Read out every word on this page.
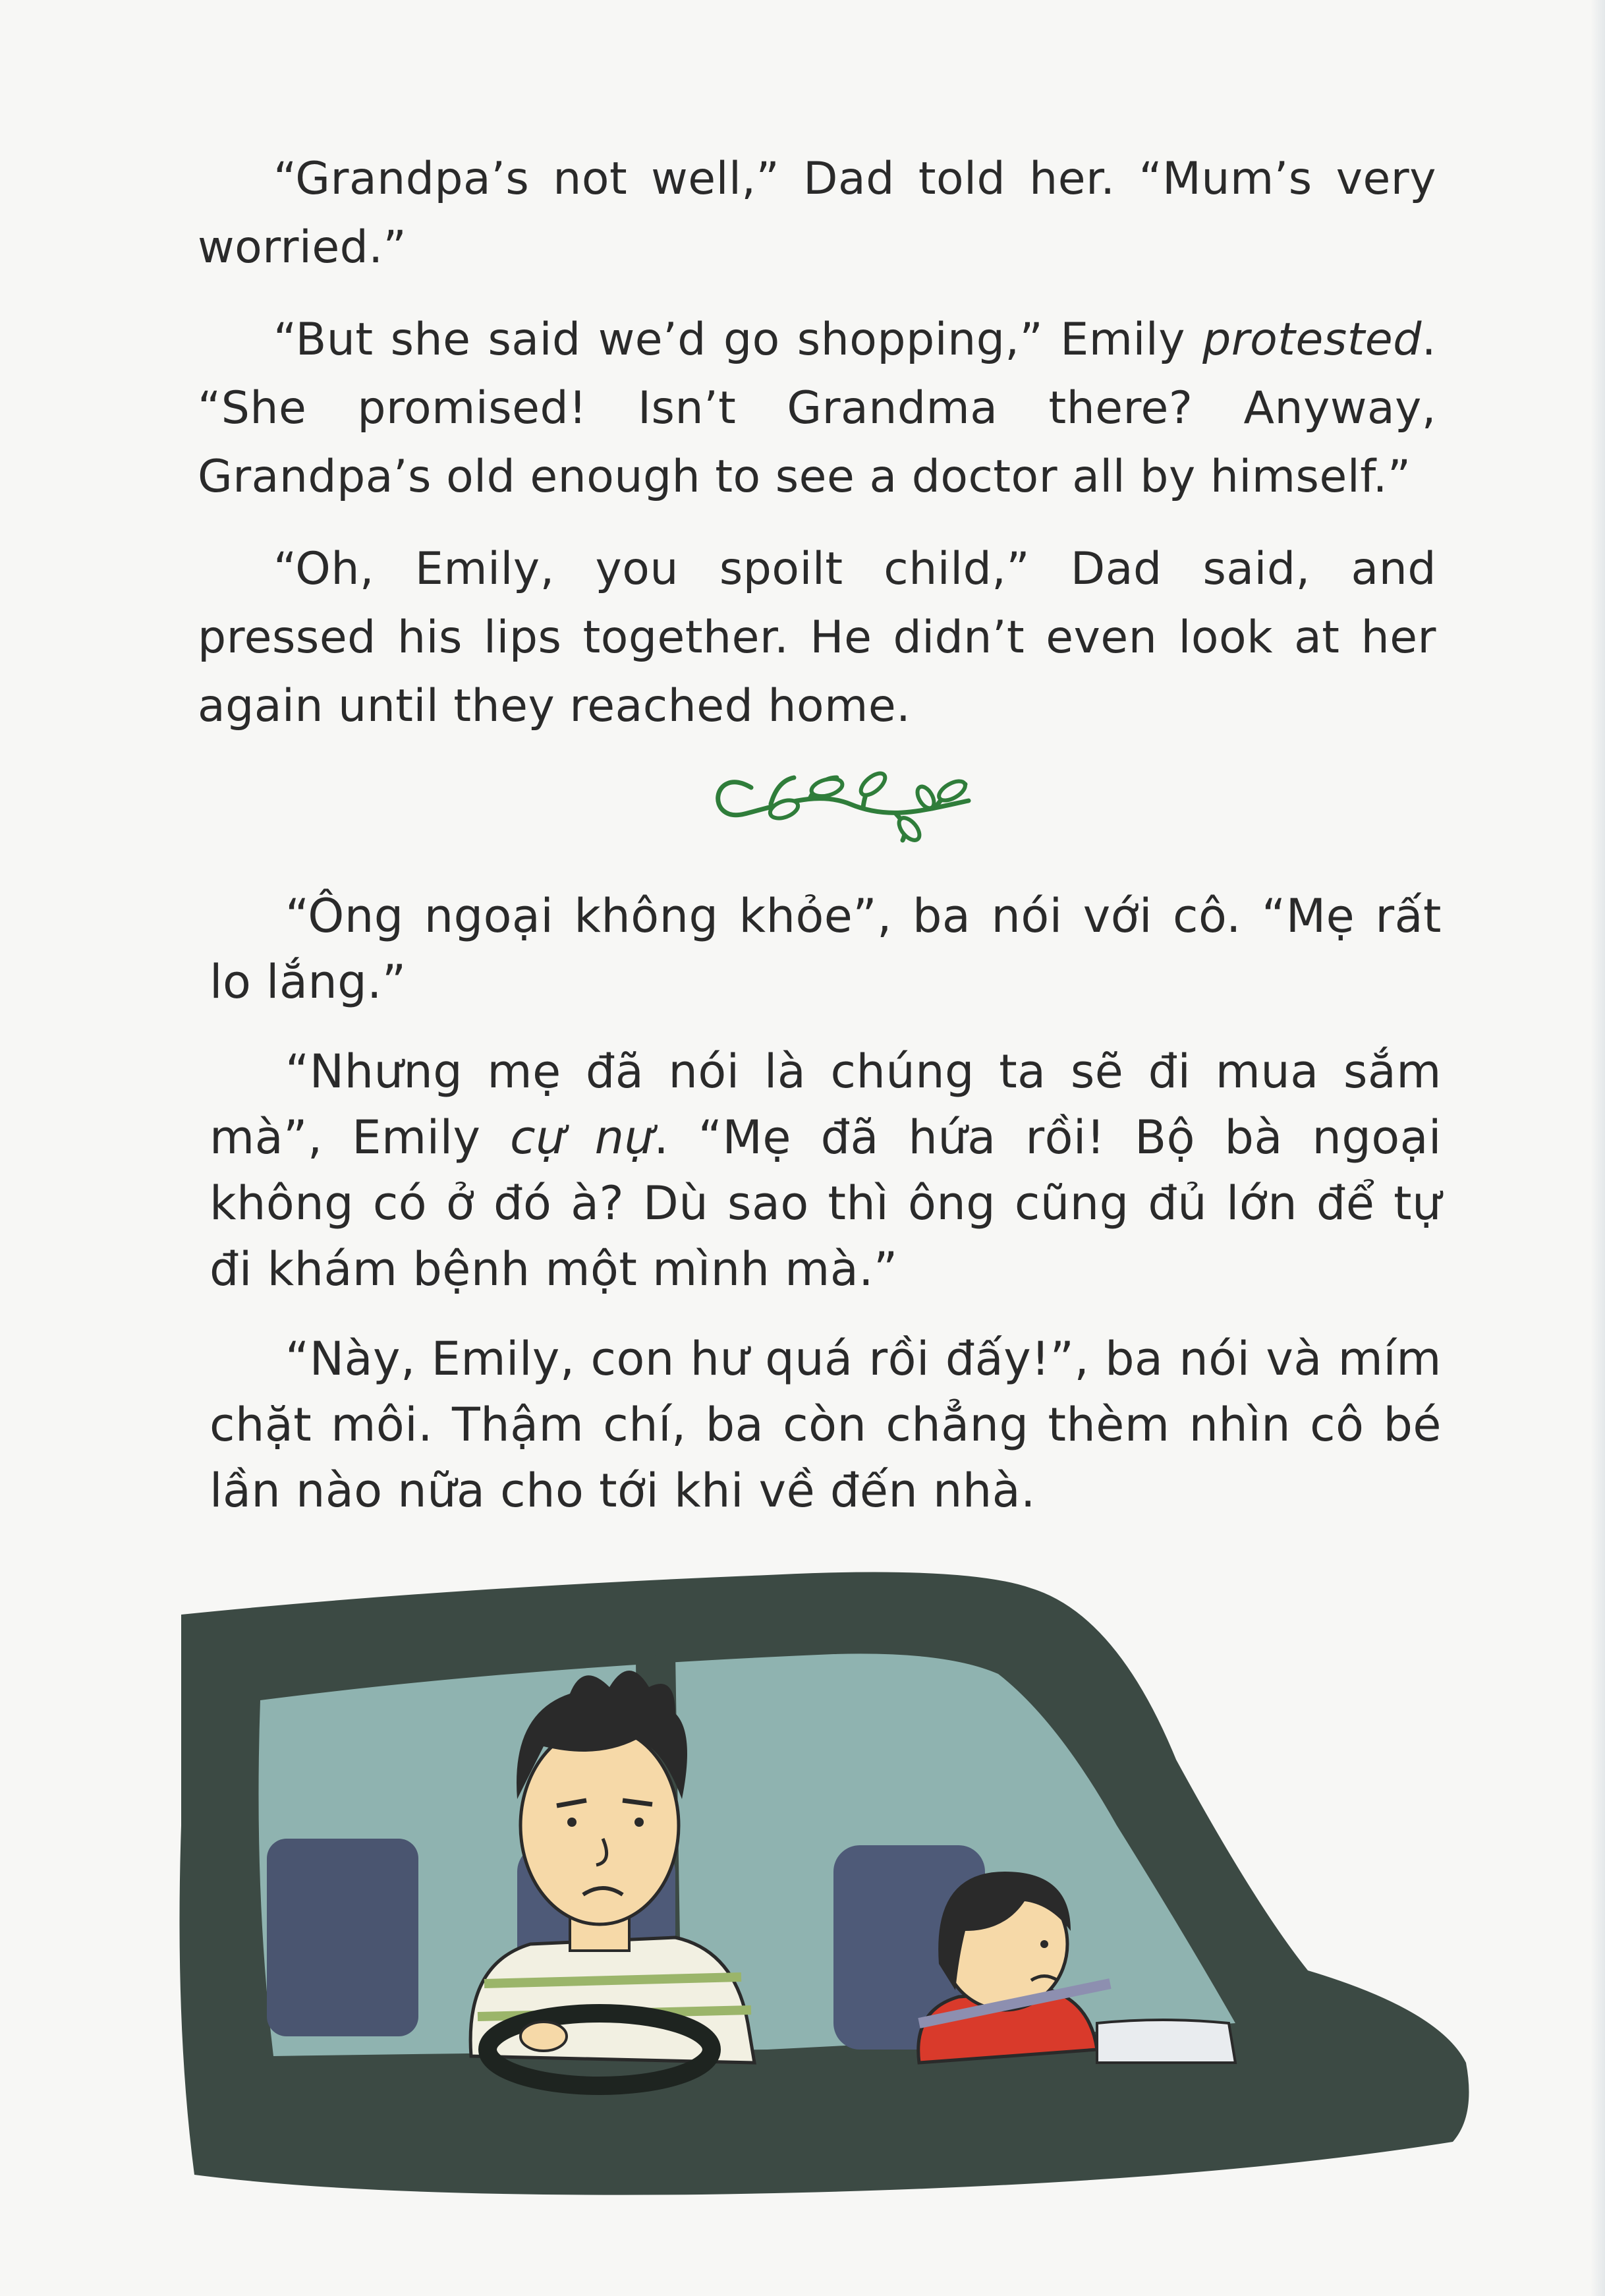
“Grandpa’s not well,” Dad told her. “Mum’s very worried.”

“But she said we’d go shopping,” Emily protested. “She promised! Isn’t Grandma there? Anyway, Grandpa’s old enough to see a doctor all by himself.”

“Oh, Emily, you spoilt child,” Dad said, and pressed his lips together. He didn’t even look at her again until they reached home.

“Ông ngoại không khỏe”, ba nói với cô. “Mẹ rất lo lắng.”

“Nhưng mẹ đã nói là chúng ta sẽ đi mua sắm mà”, Emily cự nự. “Mẹ đã hứa rồi! Bộ bà ngoại không có ở đó à? Dù sao thì ông cũng đủ lớn để tự đi khám bệnh một mình mà.”

“Này, Emily, con hư quá rồi đấy!”, ba nói và mím chặt môi. Thậm chí, ba còn chẳng thèm nhìn cô bé lần nào nữa cho tới khi về đến nhà.
